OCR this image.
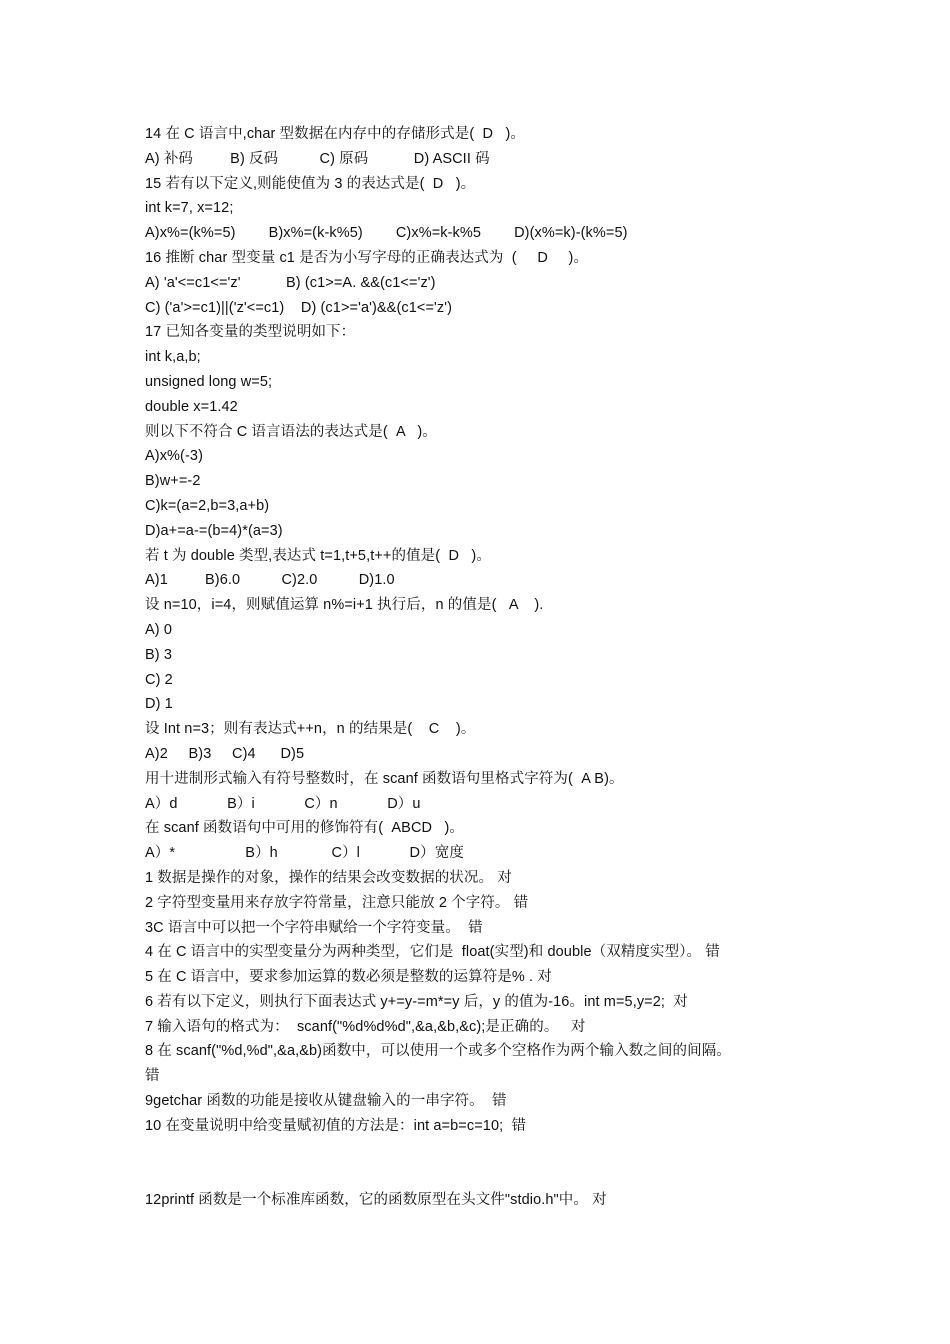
14 在 C 语言中,char 型数据在内存中的存储形式是(  D   )。
A) 补码         B) 反码          C) 原码           D) ASCII 码
15 若有以下定义,则能使值为 3 的表达式是(  D   )。
int k=7, x=12;
A)x%=(k%=5)        B)x%=(k-k%5)        C)x%=k-k%5        D)(x%=k)-(k%=5)
16 推断 char 型变量 c1 是否为小写字母的正确表达式为  (     D     )。
A) 'a'<=c1<='z'           B) (c1>=A. &&(c1<='z')
C) ('a'>=c1)||('z'<=c1)    D) (c1>='a')&&(c1<='z')
17 已知各变量的类型说明如下：
int k,a,b;
unsigned long w=5;
double x=1.42
则以下不符合 C 语言语法的表达式是(  A   )。
A)x%(-3)
B)w+=-2
C)k=(a=2,b=3,a+b)
D)a+=a-=(b=4)*(a=3)
若 t 为 double 类型,表达式 t=1,t+5,t++的值是(  D   )。
A)1         B)6.0          C)2.0          D)1.0
设 n=10，i=4，则赋值运算 n%=i+1 执行后，n 的值是(   A    ).
A) 0
B) 3
C) 2
D) 1
设 Int n=3；则有表达式++n，n 的结果是(    C    )。
A)2     B)3     C)4      D)5
用十进制形式输入有符号整数时，在 scanf 函数语句里格式字符为(  A B)。
A）d            B）i            C）n            D）u
在 scanf 函数语句中可用的修饰符有(  ABCD   )。
A）*                 B）h             C）l            D）宽度
1 数据是操作的对象，操作的结果会改变数据的状况。 对
2 字符型变量用来存放字符常量，注意只能放 2 个字符。 错
3C 语言中可以把一个字符串赋给一个字符变量。  错
4 在 C 语言中的实型变量分为两种类型，它们是  float(实型)和 double（双精度实型）。 错
5 在 C 语言中，要求参加运算的数必须是整数的运算符是% . 对
6 若有以下定义，则执行下面表达式 y+=y-=m*=y 后，y 的值为-16。int m=5,y=2;  对
7 输入语句的格式为：  scanf("%d%d%d",&a,&b,&c);是正确的。   对
8 在 scanf("%d,%d",&a,&b)函数中，可以使用一个或多个空格作为两个输入数之间的间隔。
错
9getchar 函数的功能是接收从键盘输入的一串字符。  错
10 在变量说明中给变量赋初值的方法是：int a=b=c=10;  错
12printf 函数是一个标准库函数，它的函数原型在头文件"stdio.h"中。 对
